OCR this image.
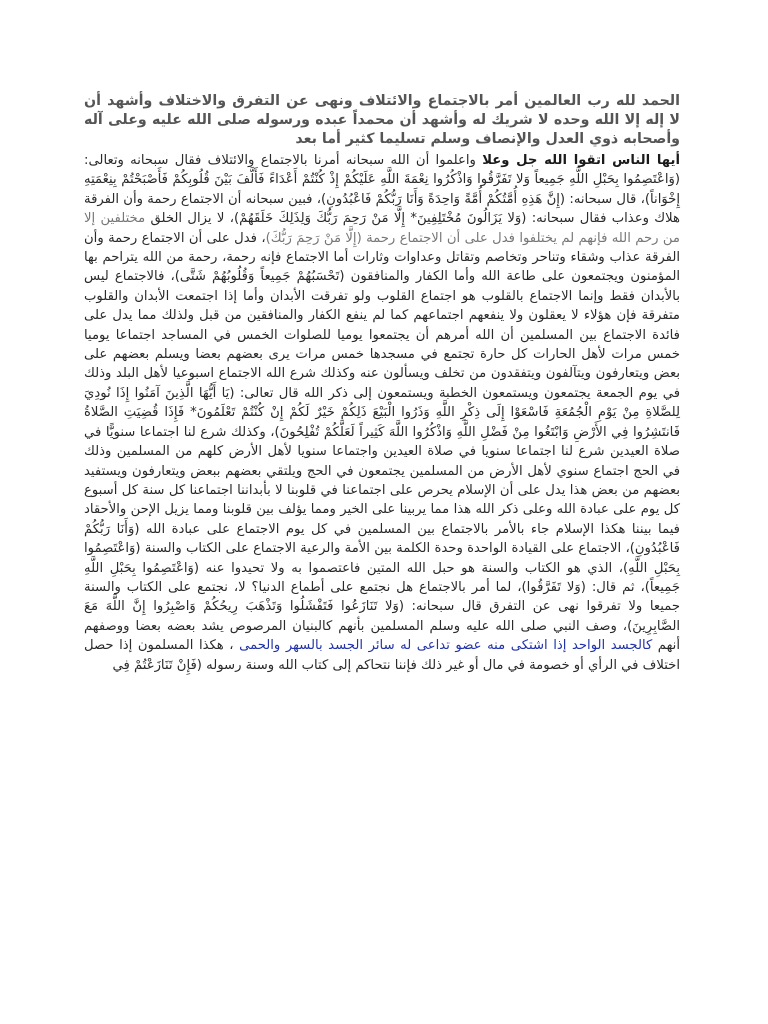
الحمد لله رب العالمين أمر بالاجتماع والائتلاف ونهى عن التفرق والاختلاف وأشهد أن لا إله إلا الله وحده لا شريك له وأشهد أن محمداً عبده ورسوله صلى الله عليه وعلى آله وأصحابه ذوي العدل والإنصاف وسلم تسليما كثير أما بعد

أيها الناس اتقوا الله جل وعلا واعلموا أن الله سبحانه أمرنا بالاجتماع والائتلاف فقال سبحانه وتعالى: (وَاعْتَصِمُوا بِحَبْلِ اللَّهِ جَمِيعاً وَلا تَفَرَّقُوا وَاذْكُرُوا نِعْمَةَ اللَّهِ عَلَيْكُمْ إِذْ كُنْتُمْ أَعْدَاءً فَأَلَّفَ بَيْنَ قُلُوبِكُمْ فَأَصْبَحْتُمْ بِنِعْمَتِهِ إِخْوَاناً)، قال سبحانه: (إِنَّ هَذِهِ أُمَّتُكُمْ أُمَّةً وَاحِدَةً وَأَنَا رَبُّكُمْ فَاعْبُدُونِ)، فبين سبحانه أن الاجتماع رحمة وأن الفرقة هلاك وعذاب فقال سبحانه: (وَلا يَزَالُونَ مُخْتَلِفِينَ* إِلَّا مَنْ رَحِمَ رَبُّكَ وَلِذَلِكَ خَلَقَهُمْ)، لا يزال الخلق مختلفين إلا من رحم الله فإنهم لم يختلفوا فدل على أن الاجتماع رحمة (إِلَّا مَنْ رَحِمَ رَبُّكَ)، فدل على أن الاجتماع رحمة وأن الفرقة عذاب وشقاء وتناحر وتخاصم وتقاتل وعداوات وثارات أما الاجتماع فإنه رحمة، رحمة من الله يتراحم بها المؤمنون ويجتمعون على طاعة الله وأما الكفار والمنافقون (تَحْسَبُهُمْ جَمِيعاً وَقُلُوبُهُمْ شَتَّى)، فالاجتماع ليس بالأبدان فقط وإنما الاجتماع بالقلوب هو اجتماع القلوب ولو تفرقت الأبدان وأما إذا اجتمعت الأبدان والقلوب متفرقة فإن هؤلاء لا يعقلون ولا ينفعهم اجتماعهم كما لم ينفع الكفار والمنافقين من قبل ولذلك مما يدل على فائدة الاجتماع بين المسلمين أن الله أمرهم أن يجتمعوا يوميا للصلوات الخمس في المساجد اجتماعا يوميا خمس مرات لأهل الحارات كل حارة تجتمع في مسجدها خمس مرات يرى بعضهم بعضا ويسلم بعضهم على بعض ويتعارفون ويتآلفون ويتفقدون من تخلف ويسألون عنه وكذلك شرع الله الاجتماع اسبوعيا لأهل البلد وذلك في يوم الجمعة يجتمعون ويستمعون الخطبة ويستمعون إلى ذكر الله قال تعالى: (يَا أَيُّهَا الَّذِينَ آمَنُوا إِذَا نُودِيَ لِلصَّلاةِ مِنْ يَوْمِ الْجُمُعَةِ فَاسْعَوْا إِلَى ذِكْرِ اللَّهِ وَذَرُوا الْبَيْعَ ذَلِكُمْ خَيْرٌ لَكُمْ إِنْ كُنْتُمْ تَعْلَمُونَ* فَإِذَا قُضِيَتِ الصَّلاةُ فَانتَشِرُوا فِي الأَرْضِ وَابْتَغُوا مِنْ فَضْلِ اللَّهِ وَاذْكُرُوا اللَّهَ كَثِيراً لَعَلَّكُمْ تُفْلِحُونَ)، وكذلك شرع لنا اجتماعا سنويًّا في صلاة العيدين شرع لنا اجتماعا سنويا في صلاة العيدين واجتماعا سنويا لأهل الأرض كلهم من المسلمين وذلك في الحج اجتماع سنوي لأهل الأرض من المسلمين يجتمعون في الحج ويلتقي بعضهم ببعض ويتعارفون ويستفيد بعضهم من بعض هذا يدل على أن الإسلام يحرص على اجتماعنا في قلوبنا لا بأبداننا اجتماعنا كل سنة كل أسبوع كل يوم على عبادة الله وعلى ذكر الله هذا مما يربينا على الخير ومما يؤلف بين قلوبنا ومما يزيل الإحن والأحقاد فيما بيننا هكذا الإسلام جاء بالأمر بالاجتماع بين المسلمين في كل يوم الاجتماع على عبادة الله (وَأَنَا رَبُّكُمْ فَاعْبُدُونِ)، الاجتماع على القيادة الواحدة وحدة الكلمة بين الأمة والرعية الاجتماع على الكتاب والسنة (وَاعْتَصِمُوا بِحَبْلِ اللَّهِ)، الذي هو الكتاب والسنة هو حبل الله المتين فاعتصموا به ولا تحيدوا عنه (وَاعْتَصِمُوا بِحَبْلِ اللَّهِ جَمِيعاً)، ثم قال: (وَلا تَفَرَّقُوا)، لما أمر بالاجتماع هل نجتمع على أطماع الدنيا؟ لا، نجتمع على الكتاب والسنة جميعا ولا تفرقوا نهى عن التفرق قال سبحانه: (وَلا تَنَازَعُوا فَتَفْشَلُوا وَتَذْهَبَ رِيحُكُمْ وَاصْبِرُوا إِنَّ اللَّهَ مَعَ الصَّابِرِينَ)، وصف النبي صلى الله عليه وسلم المسلمين بأنهم كالبنيان المرصوص يشد بعضه بعضا ووصفهم أنهم كالجسد الواحد إذا اشتكى منه عضو تداعى له سائر الجسد بالسهر والحمى ، هكذا المسلمون إذا حصل اختلاف في الرأي أو خصومة في مال أو غير ذلك فإننا نتحاكم إلى كتاب الله وسنة رسوله (فَإِنْ تَنَازَعْتُمْ فِي
